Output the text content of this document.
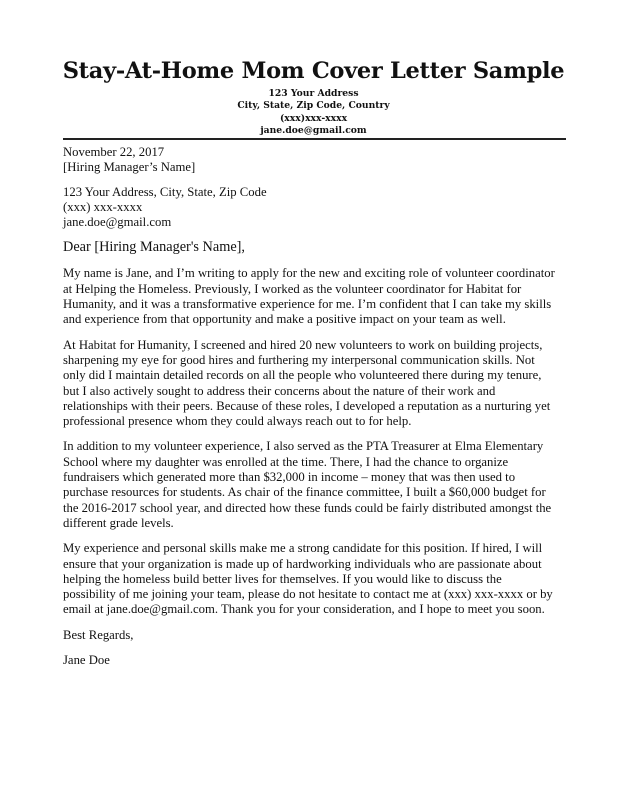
Stay-At-Home Mom Cover Letter Sample
123 Your Address
City, State, Zip Code, Country
(xxx)xxx-xxxx
jane.doe@gmail.com
November 22, 2017
[Hiring Manager’s Name]
123 Your Address, City, State, Zip Code
(xxx) xxx-xxxx
jane.doe@gmail.com
Dear [Hiring Manager's Name],
My name is Jane, and I’m writing to apply for the new and exciting role of volunteer coordinator
at Helping the Homeless. Previously, I worked as the volunteer coordinator for Habitat for
Humanity, and it was a transformative experience for me. I’m confident that I can take my skills
and experience from that opportunity and make a positive impact on your team as well.
At Habitat for Humanity, I screened and hired 20 new volunteers to work on building projects,
sharpening my eye for good hires and furthering my interpersonal communication skills. Not
only did I maintain detailed records on all the people who volunteered there during my tenure,
but I also actively sought to address their concerns about the nature of their work and
relationships with their peers. Because of these roles, I developed a reputation as a nurturing yet
professional presence whom they could always reach out to for help.
In addition to my volunteer experience, I also served as the PTA Treasurer at Elma Elementary
School where my daughter was enrolled at the time. There, I had the chance to organize
fundraisers which generated more than $32,000 in income – money that was then used to
purchase resources for students. As chair of the finance committee, I built a $60,000 budget for
the 2016-2017 school year, and directed how these funds could be fairly distributed amongst the
different grade levels.
My experience and personal skills make me a strong candidate for this position. If hired, I will
ensure that your organization is made up of hardworking individuals who are passionate about
helping the homeless build better lives for themselves. If you would like to discuss the
possibility of me joining your team, please do not hesitate to contact me at (xxx) xxx-xxxx or by
email at jane.doe@gmail.com. Thank you for your consideration, and I hope to meet you soon.
Best Regards,
Jane Doe
